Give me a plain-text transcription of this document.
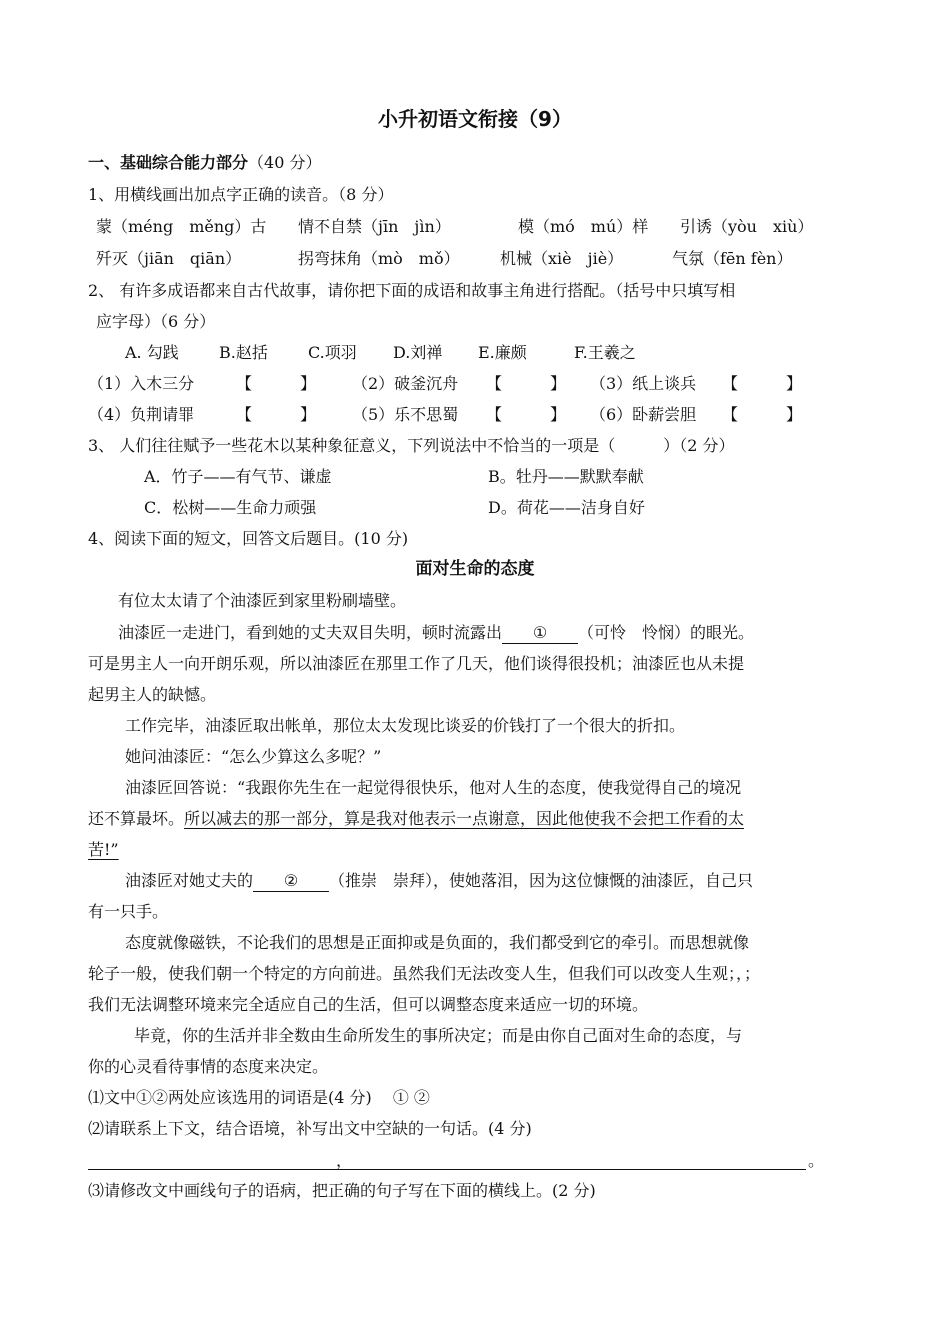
小升初语文衔接（9）
一、基础综合能力部分（40 分）
1、用横线画出加点字正确的读音。（8 分）
蒙（méng　měng）古 情不自禁（jīn　jìn）	模（mó　mú）样 引诱（yòu　xiù）
歼灭（jiān　qiān）	拐弯抹角（mò　mǒ）	机械（xiè　jiè）	气氛（fēn fèn）
2、 有许多成语都来自古代故事，请你把下面的成语和故事主角进行搭配。（括号中只填写相
应字母）（6 分）
A. 勾践	B.赵括	C.项羽 D.刘禅 E.廉颇	F.王羲之
（1）入木三分	【　　　】 （2）破釜沉舟 【　　　】 （3）纸上谈兵 【　　　】
（4）负荆请罪	【　　　】 （5）乐不思蜀 【　　　】 （6）卧薪尝胆 【　　　】
3、 人们往往赋予一些花木以某种象征意义，下列说法中不恰当的一项是（　　　）（2 分）
A．竹子——有气节、谦虚	B。牡丹——默默奉献
C．松树——生命力顽强	D。荷花——洁身自好
4、阅读下面的短文，回答文后题目。(10 分)
面对生命的态度
有位太太请了个油漆匠到家里粉刷墙壁。
油漆匠一走进门，看到她的丈夫双目失明，顿时流露出 ① （可怜　怜悯）的眼光。
可是男主人一向开朗乐观，所以油漆匠在那里工作了几天，他们谈得很投机；油漆匠也从未提
起男主人的缺憾。
工作完毕，油漆匠取出帐单，那位太太发现比谈妥的价钱打了一个很大的折扣。
她问油漆匠：“怎么少算这么多呢？”
油漆匠回答说：“我跟你先生在一起觉得很快乐，他对人生的态度，使我觉得自己的境况
还不算最坏。所以减去的那一部分，算是我对他表示一点谢意，因此他使我不会把工作看的太
苦!”
油漆匠对她丈夫的 ② （推崇　崇拜），使她落泪，因为这位慷慨的油漆匠，自己只
有一只手。
态度就像磁铁，不论我们的思想是正面抑或是负面的，我们都受到它的牵引。而思想就像
轮子一般，使我们朝一个特定的方向前进。虽然我们无法改变人生，但我们可以改变人生观；，；
我们无法调整环境来完全适应自己的生活，但可以调整态度来适应一切的环境。
毕竟，你的生活并非全数由生命所发生的事所决定；而是由你自己面对生命的态度，与
你的心灵看待事情的态度来决定。
⑴文中①②两处应该选用的词语是(4 分)　 ① ②
⑵请联系上下文，结合语境，补写出文中空缺的一句话。(4 分)
，	。
⑶请修改文中画线句子的语病，把正确的句子写在下面的横线上。(2 分)
